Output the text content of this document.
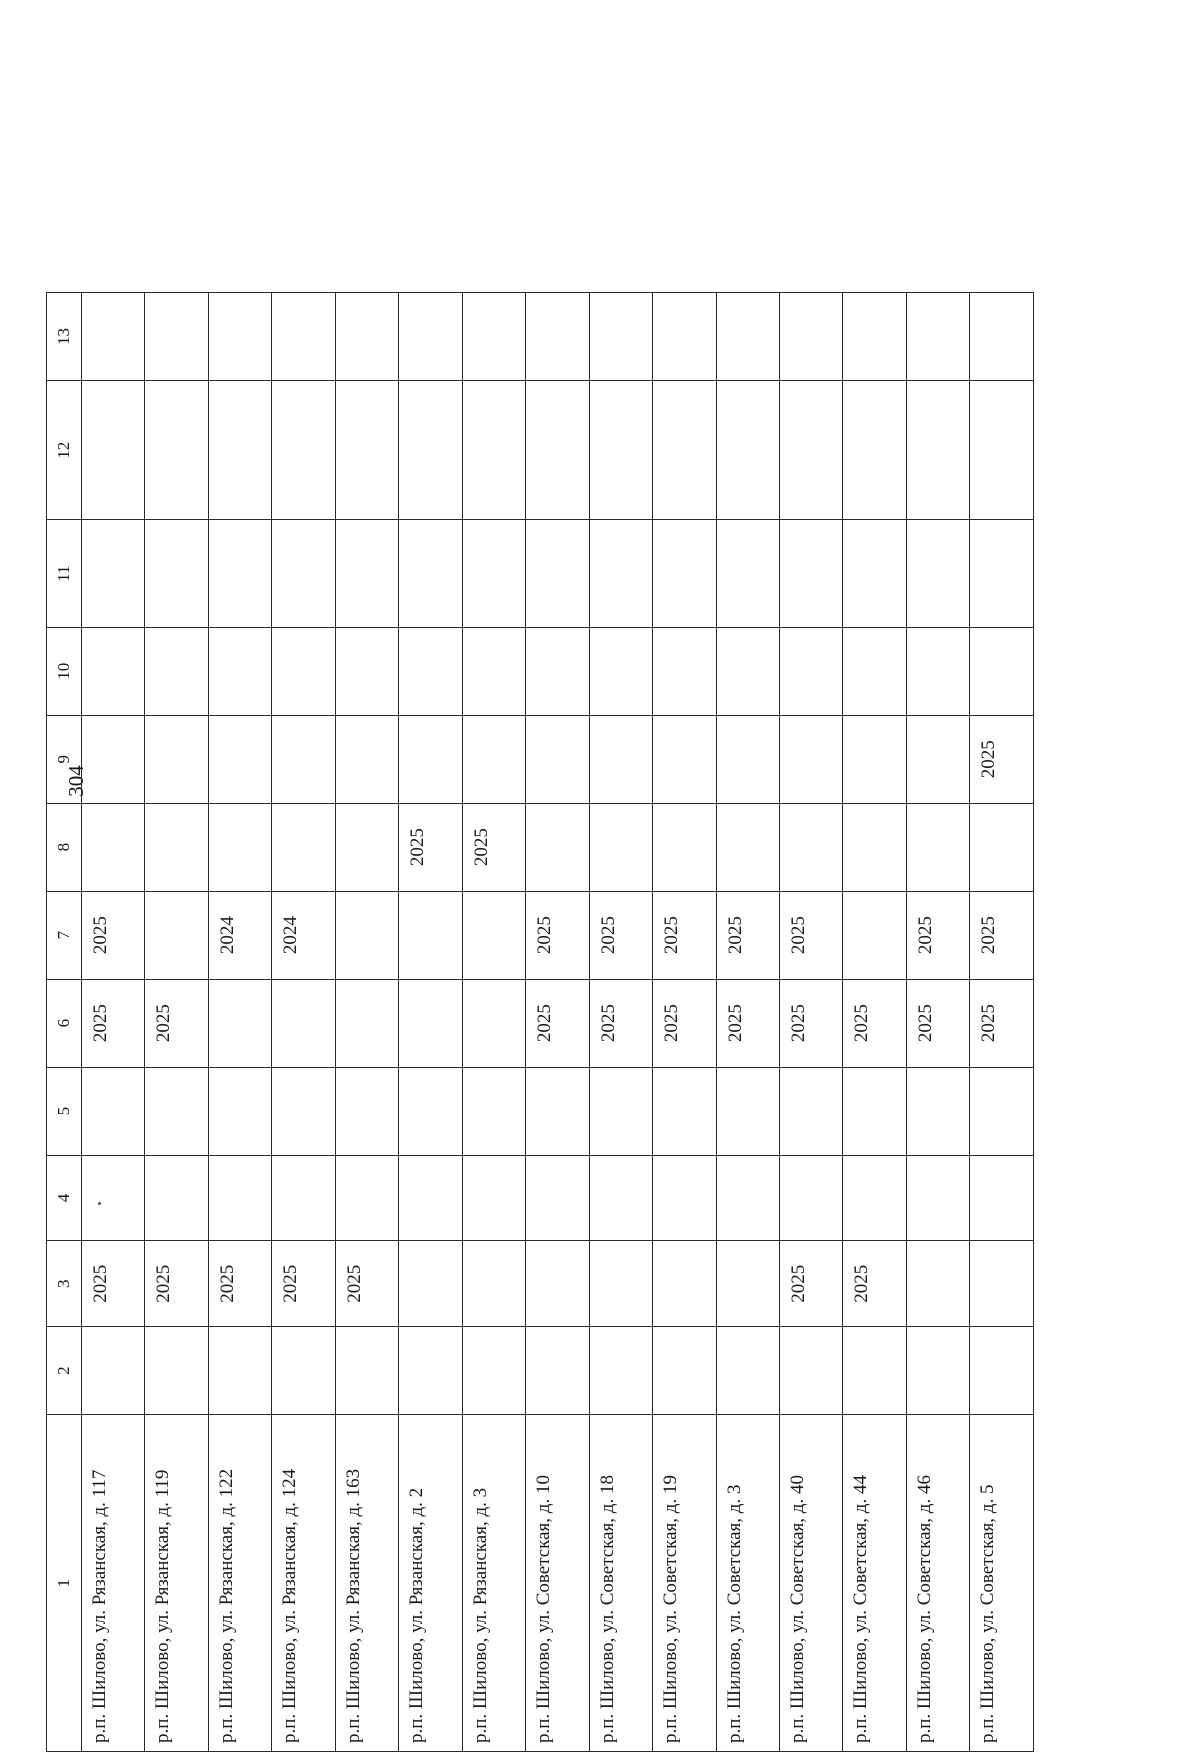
304
1	2	3	4	5	6	7	8	9	10	11	12	13
р.п. Шилово, ул. Рязанская, д. 117		2025			2025	2025						
р.п. Шилово, ул. Рязанская, д. 119		2025			2025							
р.п. Шилово, ул. Рязанская, д. 122		2025				2024						
р.п. Шилово, ул. Рязанская, д. 124		2025				2024						
р.п. Шилово, ул. Рязанская, д. 163		2025										
р.п. Шилово, ул. Рязанская, д. 2							2025					
р.п. Шилово, ул. Рязанская, д. 3							2025					
р.п. Шилово, ул. Советская, д. 10					2025	2025						
р.п. Шилово, ул. Советская, д. 18					2025	2025						
р.п. Шилово, ул. Советская, д. 19					2025	2025						
р.п. Шилово, ул. Советская, д. 3					2025	2025						
р.п. Шилово, ул. Советская, д. 40		2025			2025	2025						
р.п. Шилово, ул. Советская, д. 44		2025			2025							
р.п. Шилово, ул. Советская, д. 46					2025	2025						
р.п. Шилово, ул. Советская, д. 5					2025	2025		2025				
